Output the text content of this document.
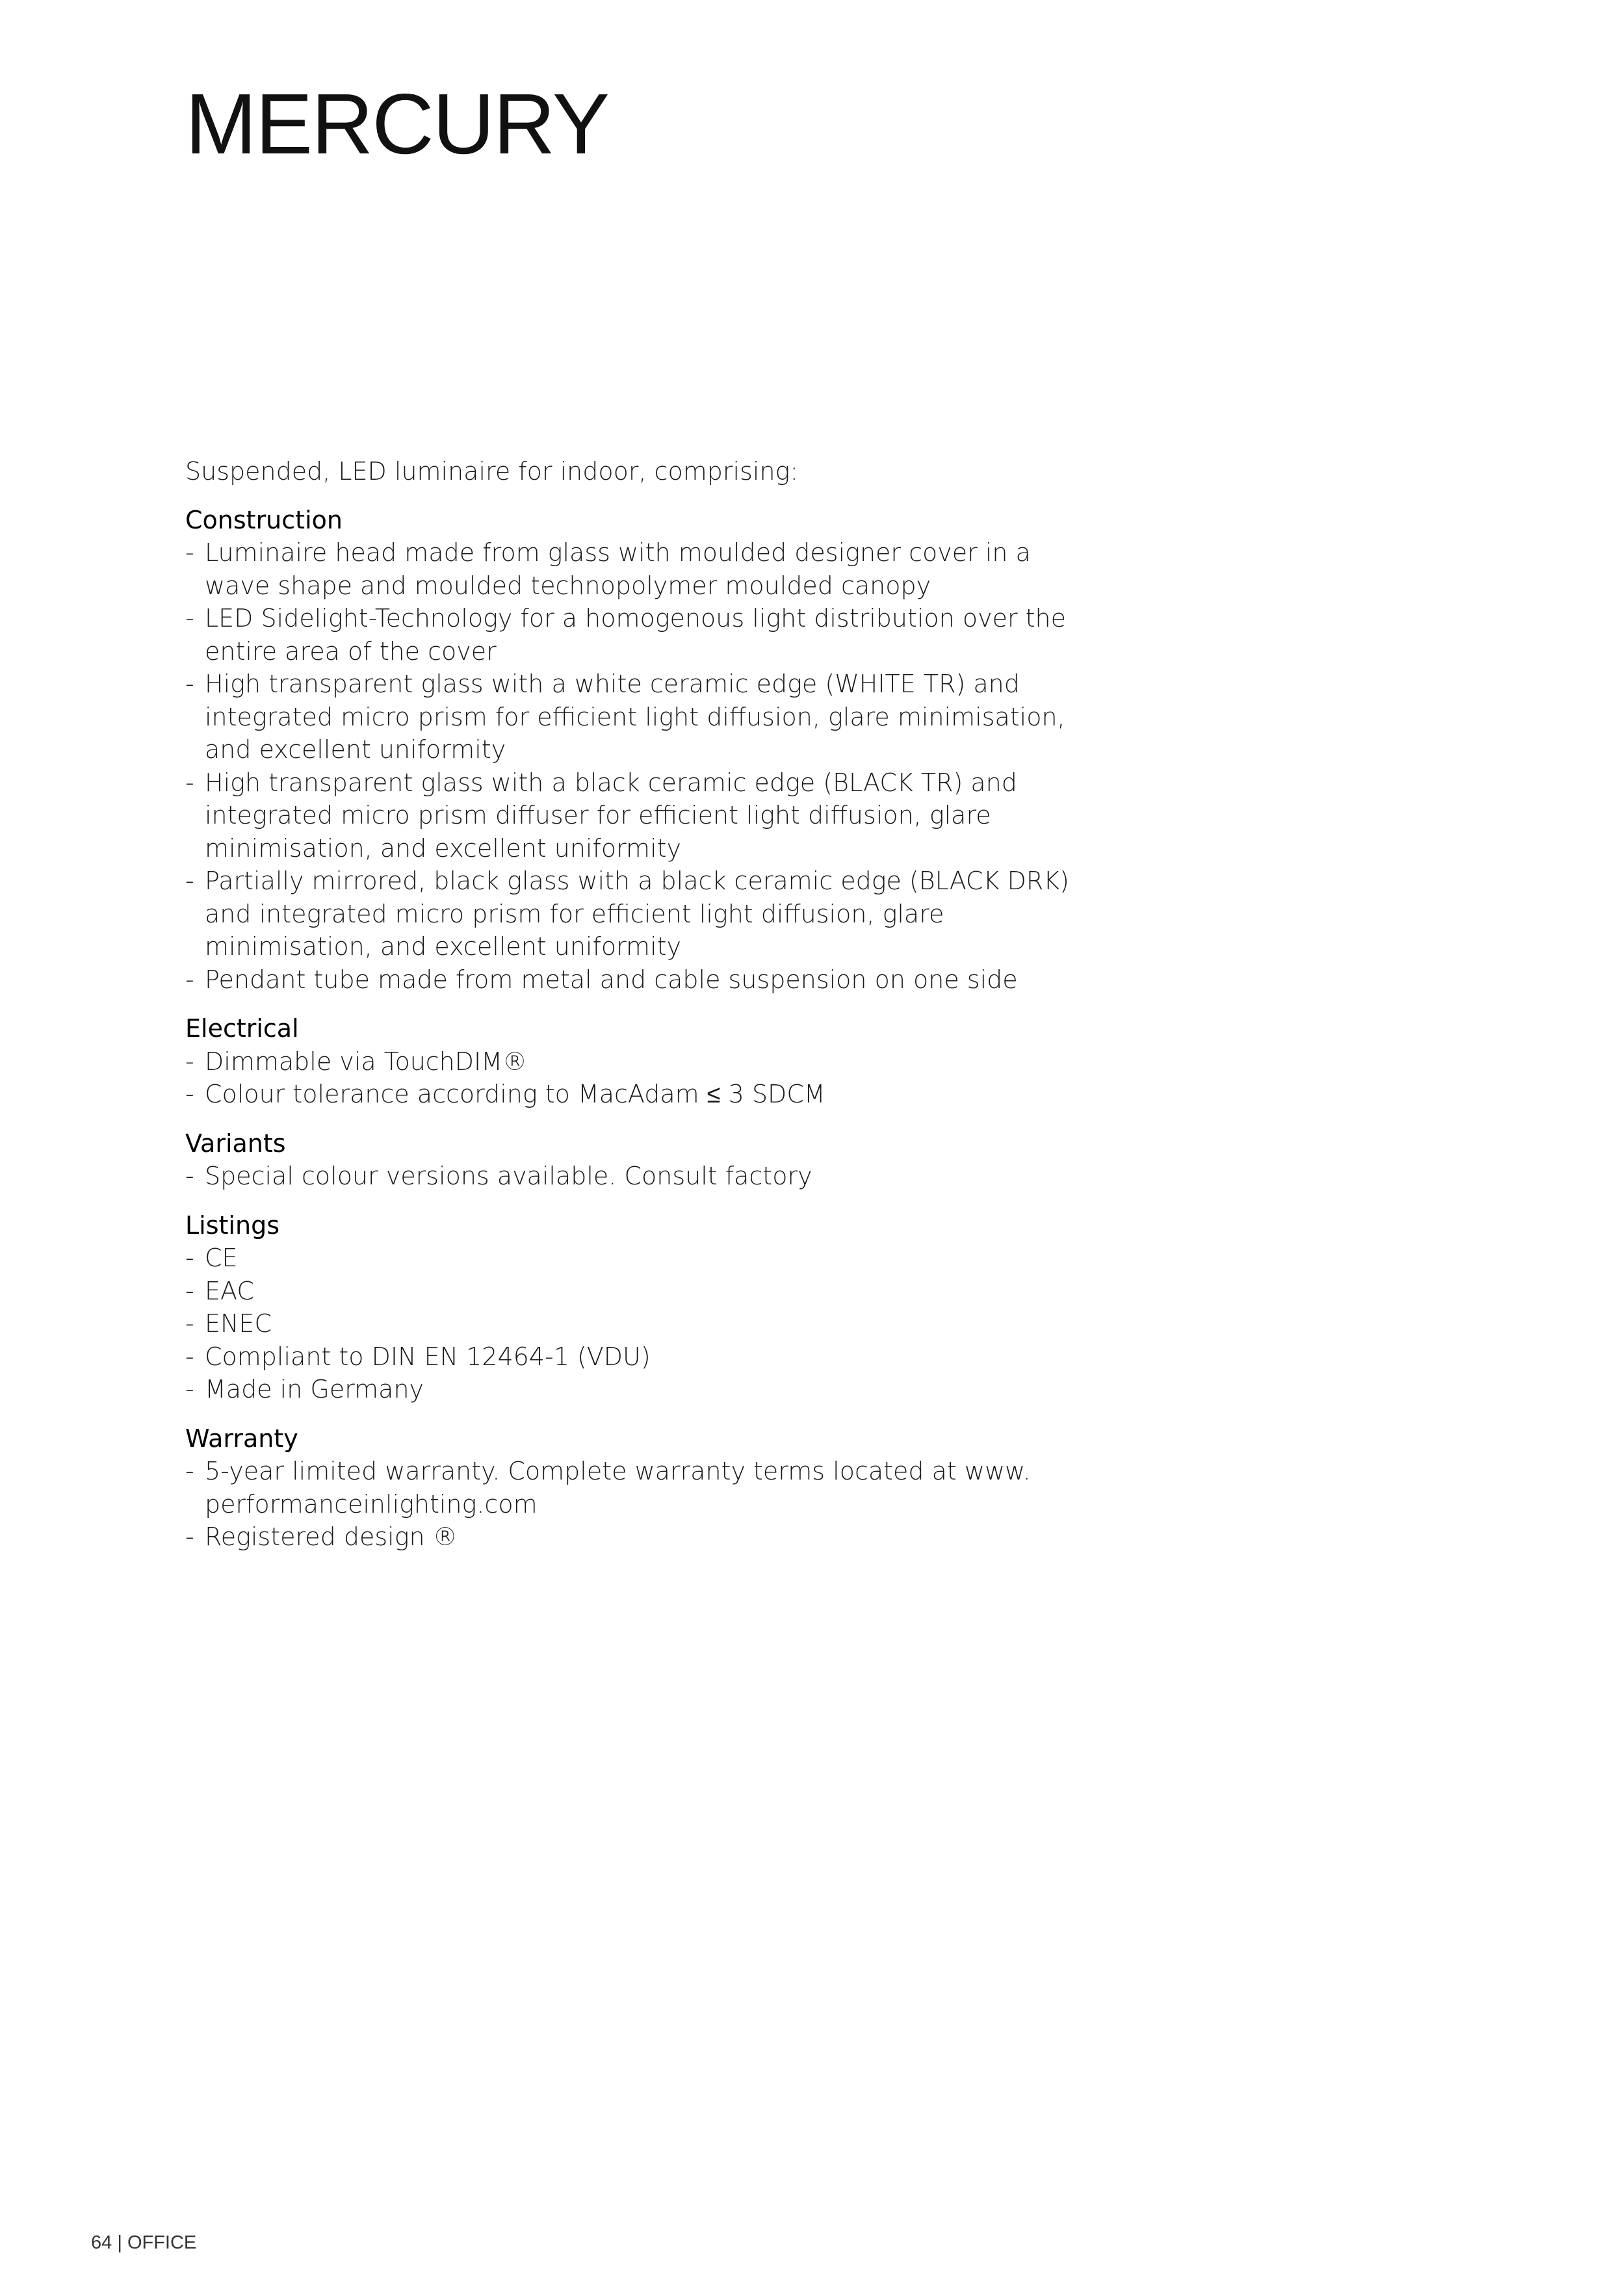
MERCURY

Suspended, LED luminaire for indoor, comprising:

Construction
- Luminaire head made from glass with moulded designer cover in a wave shape and moulded technopolymer moulded canopy
- LED Sidelight-Technology for a homogenous light distribution over the entire area of the cover
- High transparent glass with a white ceramic edge (WHITE TR) and integrated micro prism for efficient light diffusion, glare minimisation, and excellent uniformity
- High transparent glass with a black ceramic edge (BLACK TR) and integrated micro prism diffuser for efficient light diffusion, glare minimisation, and excellent uniformity
- Partially mirrored, black glass with a black ceramic edge (BLACK DRK) and integrated micro prism for efficient light diffusion, glare minimisation, and excellent uniformity
- Pendant tube made from metal and cable suspension on one side
Electrical
- Dimmable via TouchDIM®
- Colour tolerance according to MacAdam ≤ 3 SDCM
Variants
- Special colour versions available. Consult factory
Listings
- CE
- EAC
- ENEC
- Compliant to DIN EN 12464-1 (VDU)
- Made in Germany
Warranty
- 5-year limited warranty. Complete warranty terms located at www. performanceinlighting.com
- Registered design ®
64 | OFFICE
